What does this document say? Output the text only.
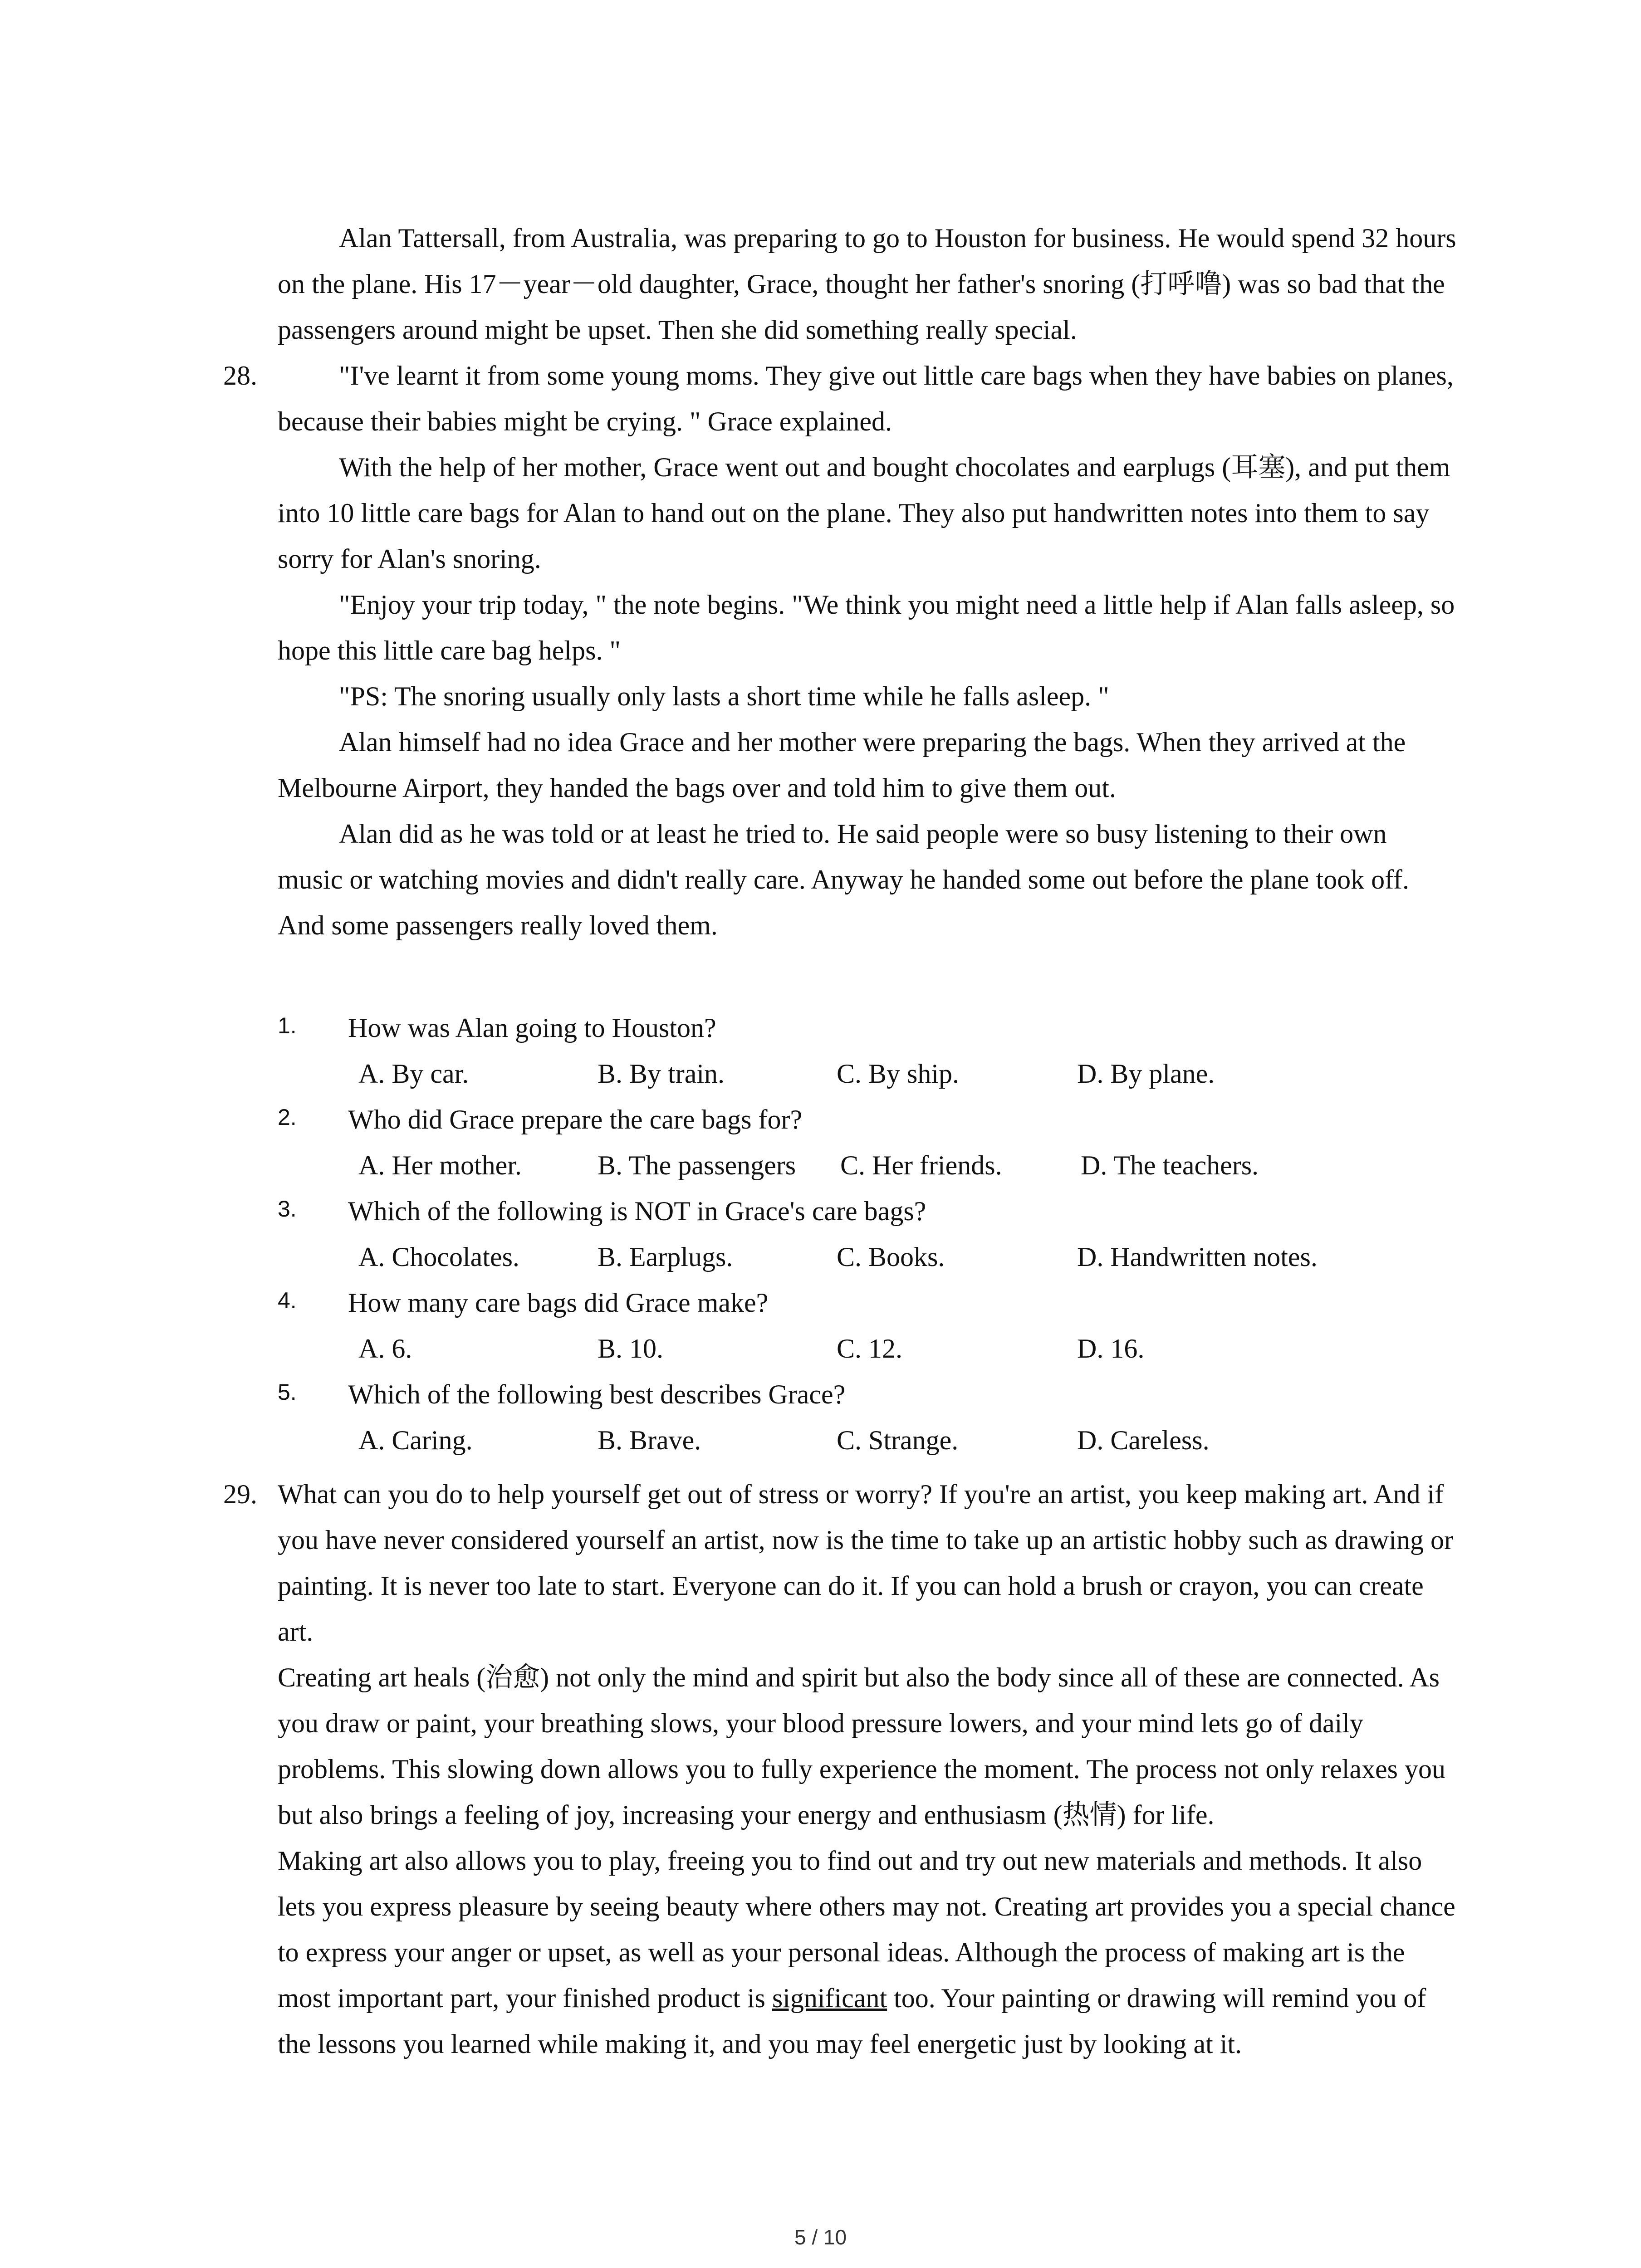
28.

Alan Tattersall, from Australia, was preparing to go to Houston for business. He would spend 32 hours on the plane. His 17－year－old daughter, Grace, thought her father's snoring (打呼噜) was so bad that the passengers around might be upset. Then she did something really special.

"I've learnt it from some young moms. They give out little care bags when they have babies on planes, because their babies might be crying. " Grace explained.

With the help of her mother, Grace went out and bought chocolates and earplugs (耳塞), and put them into 10 little care bags for Alan to hand out on the plane. They also put handwritten notes into them to say sorry for Alan's snoring.

"Enjoy your trip today, " the note begins. "We think you might need a little help if Alan falls asleep, so hope this little care bag helps. "

"PS: The snoring usually only lasts a short time while he falls asleep. "

Alan himself had no idea Grace and her mother were preparing the bags. When they arrived at the Melbourne Airport, they handed the bags over and told him to give them out.

Alan did as he was told or at least he tried to. He said people were so busy listening to their own music or watching movies and didn't really care. Anyway he handed some out before the plane took off. And some passengers really loved them.

1. How was Alan going to Houston?
A. By car.	B. By train.	C. By ship.	D. By plane.
2. Who did Grace prepare the care bags for?
A. Her mother.	B. The passengers C. Her friends.	D. The teachers.
3. Which of the following is NOT in Grace's care bags?
A. Chocolates.	B. Earplugs.	C. Books.	D. Handwritten notes.
4. How many care bags did Grace make?
A. 6.	B. 10.	C. 12.	D. 16.
5. Which of the following best describes Grace?
A. Caring.	B. Brave.	C. Strange.	D. Careless.
29. What can you do to help yourself get out of stress or worry? If you're an artist, you keep making art. And if you have never considered yourself an artist, now is the time to take up an artistic hobby such as drawing or painting. It is never too late to start. Everyone can do it. If you can hold a brush or crayon, you can create art.

Creating art heals (治愈) not only the mind and spirit but also the body since all of these are connected. As you draw or paint, your breathing slows, your blood pressure lowers, and your mind lets go of daily problems. This slowing down allows you to fully experience the moment. The process not only relaxes you but also brings a feeling of joy, increasing your energy and enthusiasm (热情) for life.

Making art also allows you to play, freeing you to find out and try out new materials and methods. It also lets you express pleasure by seeing beauty where others may not. Creating art provides you a special chance to express your anger or upset, as well as your personal ideas. Although the process of making art is the most important part, your finished product is significant too. Your painting or drawing will remind you of the lessons you learned while making it, and you may feel energetic just by looking at it.

5 / 10
